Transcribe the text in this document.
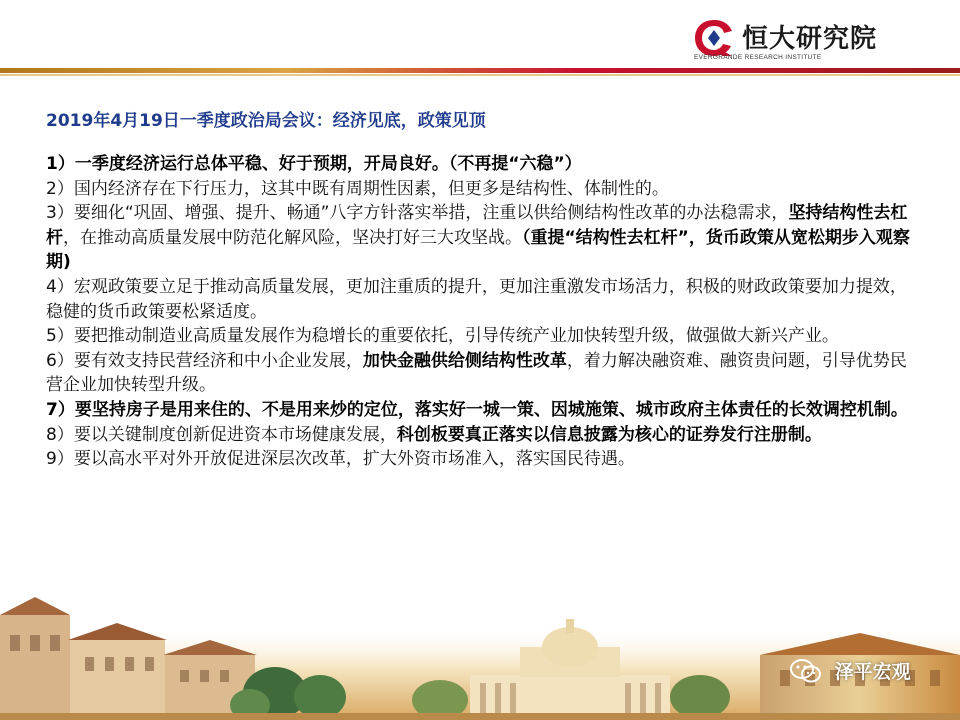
恒大研究院
EVERGRANDE RESEARCH INSTITUTE
2019年4月19日一季度政治局会议：经济见底，政策见顶

1）一季度经济运行总体平稳、好于预期，开局良好。（不再提“六稳”）

2）国内经济存在下行压力，这其中既有周期性因素，但更多是结构性、体制性的。

3）要细化“巩固、增强、提升、畅通”八字方针落实举措，注重以供给侧结构性改革的办法稳需求，坚持结构性去杠杆，在推动高质量发展中防范化解风险，坚决打好三大攻坚战。（重提“结构性去杠杆”，货币政策从宽松期步入观察期)

4）宏观政策要立足于推动高质量发展，更加注重质的提升，更加注重激发市场活力，积极的财政政策要加力提效，稳健的货币政策要松紧适度。

5）要把推动制造业高质量发展作为稳增长的重要依托，引导传统产业加快转型升级，做强做大新兴产业。

6）要有效支持民营经济和中小企业发展，加快金融供给侧结构性改革，着力解决融资难、融资贵问题，引导优势民营企业加快转型升级。

7）要坚持房子是用来住的、不是用来炒的定位，落实好一城一策、因城施策、城市政府主体责任的长效调控机制。

8）要以关键制度创新促进资本市场健康发展，科创板要真正落实以信息披露为核心的证券发行注册制。

9）要以高水平对外开放促进深层次改革，扩大外资市场准入，落实国民待遇。

泽平宏观
